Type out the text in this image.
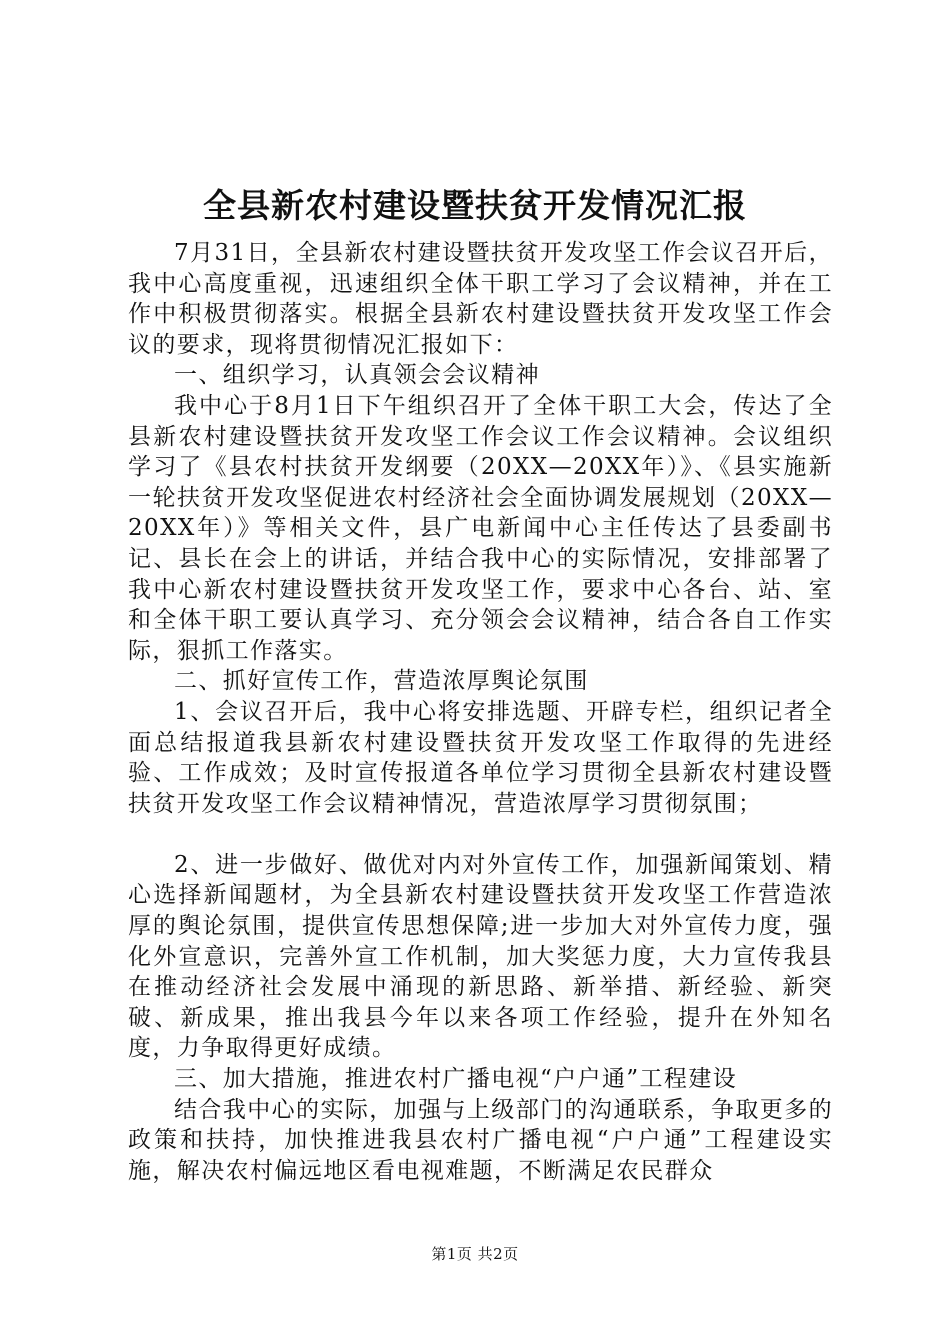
全县新农村建设暨扶贫开发情况汇报

7月31日，全县新农村建设暨扶贫开发攻坚工作会议召开后，我中心高度重视，迅速组织全体干职工学习了会议精神，并在工作中积极贯彻落实。根据全县新农村建设暨扶贫开发攻坚工作会议的要求，现将贯彻情况汇报如下：

一、组织学习，认真领会会议精神

我中心于8月1日下午组织召开了全体干职工大会，传达了全县新农村建设暨扶贫开发攻坚工作会议工作会议精神。会议组织学习了《县农村扶贫开发纲要（20XX—20XX年）》、《县实施新一轮扶贫开发攻坚促进农村经济社会全面协调发展规划（20XX—20XX年）》等相关文件，县广电新闻中心主任传达了县委副书记、县长在会上的讲话，并结合我中心的实际情况，安排部署了我中心新农村建设暨扶贫开发攻坚工作，要求中心各台、站、室和全体干职工要认真学习、充分领会会议精神，结合各自工作实际，狠抓工作落实。

二、抓好宣传工作，营造浓厚舆论氛围

1、会议召开后，我中心将安排选题、开辟专栏，组织记者全面总结报道我县新农村建设暨扶贫开发攻坚工作取得的先进经验、工作成效；及时宣传报道各单位学习贯彻全县新农村建设暨扶贫开发攻坚工作会议精神情况，营造浓厚学习贯彻氛围；

2、进一步做好、做优对内对外宣传工作，加强新闻策划、精心选择新闻题材，为全县新农村建设暨扶贫开发攻坚工作营造浓厚的舆论氛围，提供宣传思想保障;进一步加大对外宣传力度，强化外宣意识，完善外宣工作机制，加大奖惩力度，大力宣传我县在推动经济社会发展中涌现的新思路、新举措、新经验、新突破、新成果，推出我县今年以来各项工作经验，提升在外知名度，力争取得更好成绩。

三、加大措施，推进农村广播电视“户户通”工程建设

结合我中心的实际，加强与上级部门的沟通联系，争取更多的政策和扶持，加快推进我县农村广播电视“户户通”工程建设实施，解决农村偏远地区看电视难题，不断满足农民群众

第1页 共2页
